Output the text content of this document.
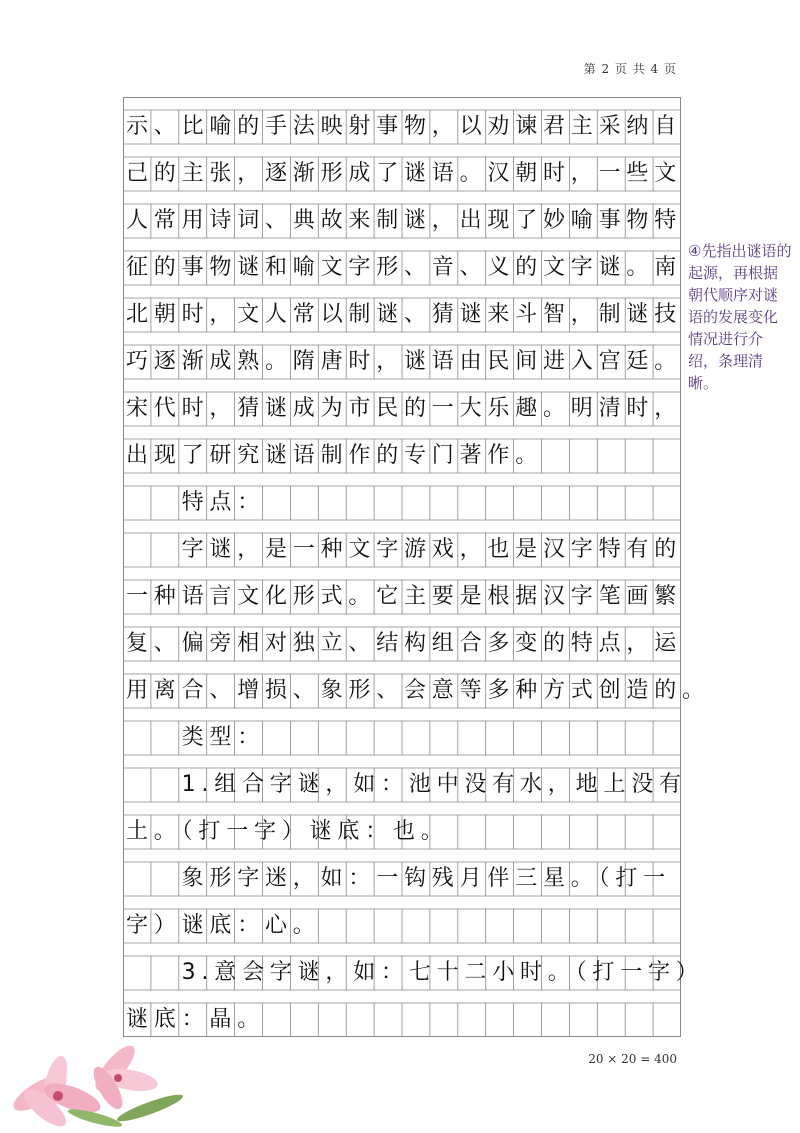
第 2 页 共 4 页
示、比喻的手法映射事物，以劝谏君主采纳自
己的主张，逐渐形成了谜语。汉朝时，一些文
人常用诗词、典故来制谜，出现了妙喻事物特
征的事物谜和喻文字形、音、义的文字谜。南
北朝时，文人常以制谜、猜谜来斗智，制谜技
巧逐渐成熟。隋唐时，谜语由民间进入宫廷。
宋代时，猜谜成为市民的一大乐趣。明清时，
出现了研究谜语制作的专门著作。
　　特点：
　　字谜，是一种文字游戏，也是汉字特有的
一种语言文化形式。它主要是根据汉字笔画繁
复、偏旁相对独立、结构组合多变的特点，运
用离合、增损、象形、会意等多种方式创造的。
　　类型：
　　1.组合字谜，如：池中没有水，地上没有
土。（打一字）谜底：也。
　　象形字迷，如：一钩残月伴三星。（打一
字）谜底：心。
　　3.意会字谜，如：七十二小时。（打一字）
谜底：晶。
④先指出谜语的起源，再根据朝代顺序对谜语的发展变化情况进行介绍，条理清晰。
20 × 20 = 400
